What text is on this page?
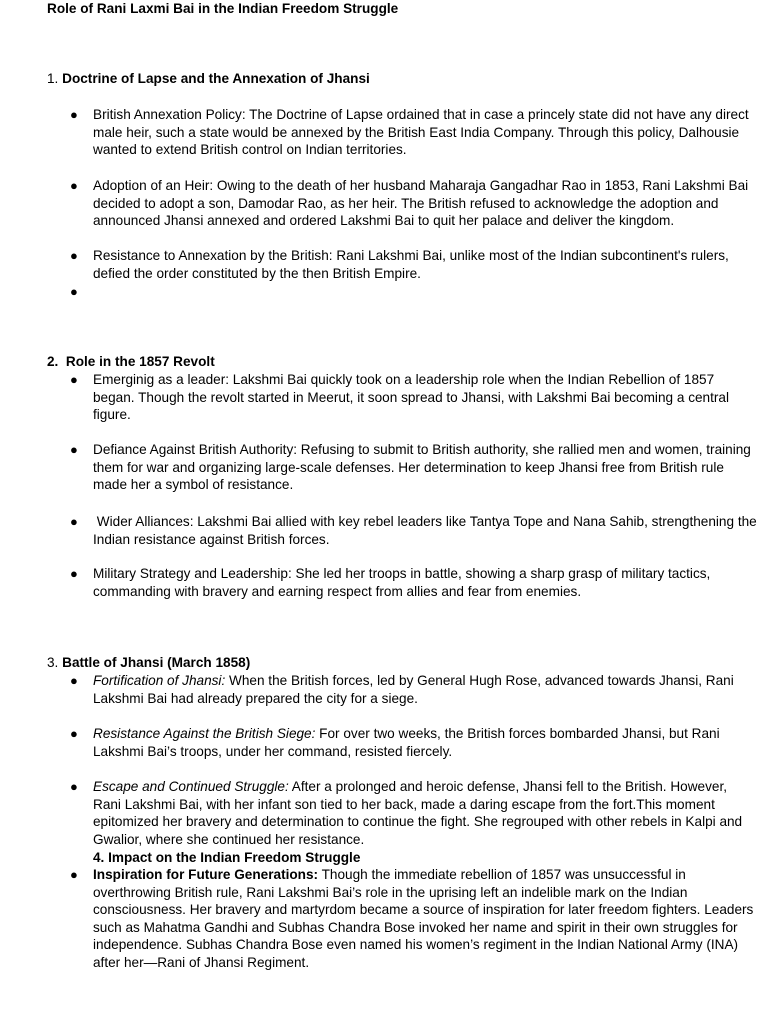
Role of Rani Laxmi Bai in the Indian Freedom Struggle
1. Doctrine of Lapse and the Annexation of Jhansi
●	British Annexation Policy: The Doctrine of Lapse ordained that in case a princely state did not have any direct male heir, such a state would be annexed by the British East India Company. Through this policy, Dalhousie wanted to extend British control on Indian territories.
●	Adoption of an Heir: Owing to the death of her husband Maharaja Gangadhar Rao in 1853, Rani Lakshmi Bai decided to adopt a son, Damodar Rao, as her heir. The British refused to acknowledge the adoption and announced Jhansi annexed and ordered Lakshmi Bai to quit her palace and deliver the kingdom.
●	Resistance to Annexation by the British: Rani Lakshmi Bai, unlike most of the Indian subcontinent's rulers, defied the order constituted by the then British Empire.
●
2. Role in the 1857 Revolt
●	Emerginig as a leader: Lakshmi Bai quickly took on a leadership role when the Indian Rebellion of 1857 began. Though the revolt started in Meerut, it soon spread to Jhansi, with Lakshmi Bai becoming a central figure.
●	Defiance Against British Authority: Refusing to submit to British authority, she rallied men and women, training them for war and organizing large-scale defenses. Her determination to keep Jhansi free from British rule made her a symbol of resistance.
●	Wider Alliances: Lakshmi Bai allied with key rebel leaders like Tantya Tope and Nana Sahib, strengthening the Indian resistance against British forces.
●	Military Strategy and Leadership: She led her troops in battle, showing a sharp grasp of military tactics, commanding with bravery and earning respect from allies and fear from enemies.
3. Battle of Jhansi (March 1858)
●	Fortification of Jhansi: When the British forces, led by General Hugh Rose, advanced towards Jhansi, Rani Lakshmi Bai had already prepared the city for a siege.
●	Resistance Against the British Siege: For over two weeks, the British forces bombarded Jhansi, but Rani Lakshmi Bai’s troops, under her command, resisted fiercely.
●	Escape and Continued Struggle: After a prolonged and heroic defense, Jhansi fell to the British. However, Rani Lakshmi Bai, with her infant son tied to her back, made a daring escape from the fort.This moment epitomized her bravery and determination to continue the fight. She regrouped with other rebels in Kalpi and Gwalior, where she continued her resistance.
4. Impact on the Indian Freedom Struggle
●	Inspiration for Future Generations: Though the immediate rebellion of 1857 was unsuccessful in overthrowing British rule, Rani Lakshmi Bai’s role in the uprising left an indelible mark on the Indian consciousness. Her bravery and martyrdom became a source of inspiration for later freedom fighters. Leaders such as Mahatma Gandhi and Subhas Chandra Bose invoked her name and spirit in their own struggles for independence. Subhas Chandra Bose even named his women’s regiment in the Indian National Army (INA) after her—Rani of Jhansi Regiment.
